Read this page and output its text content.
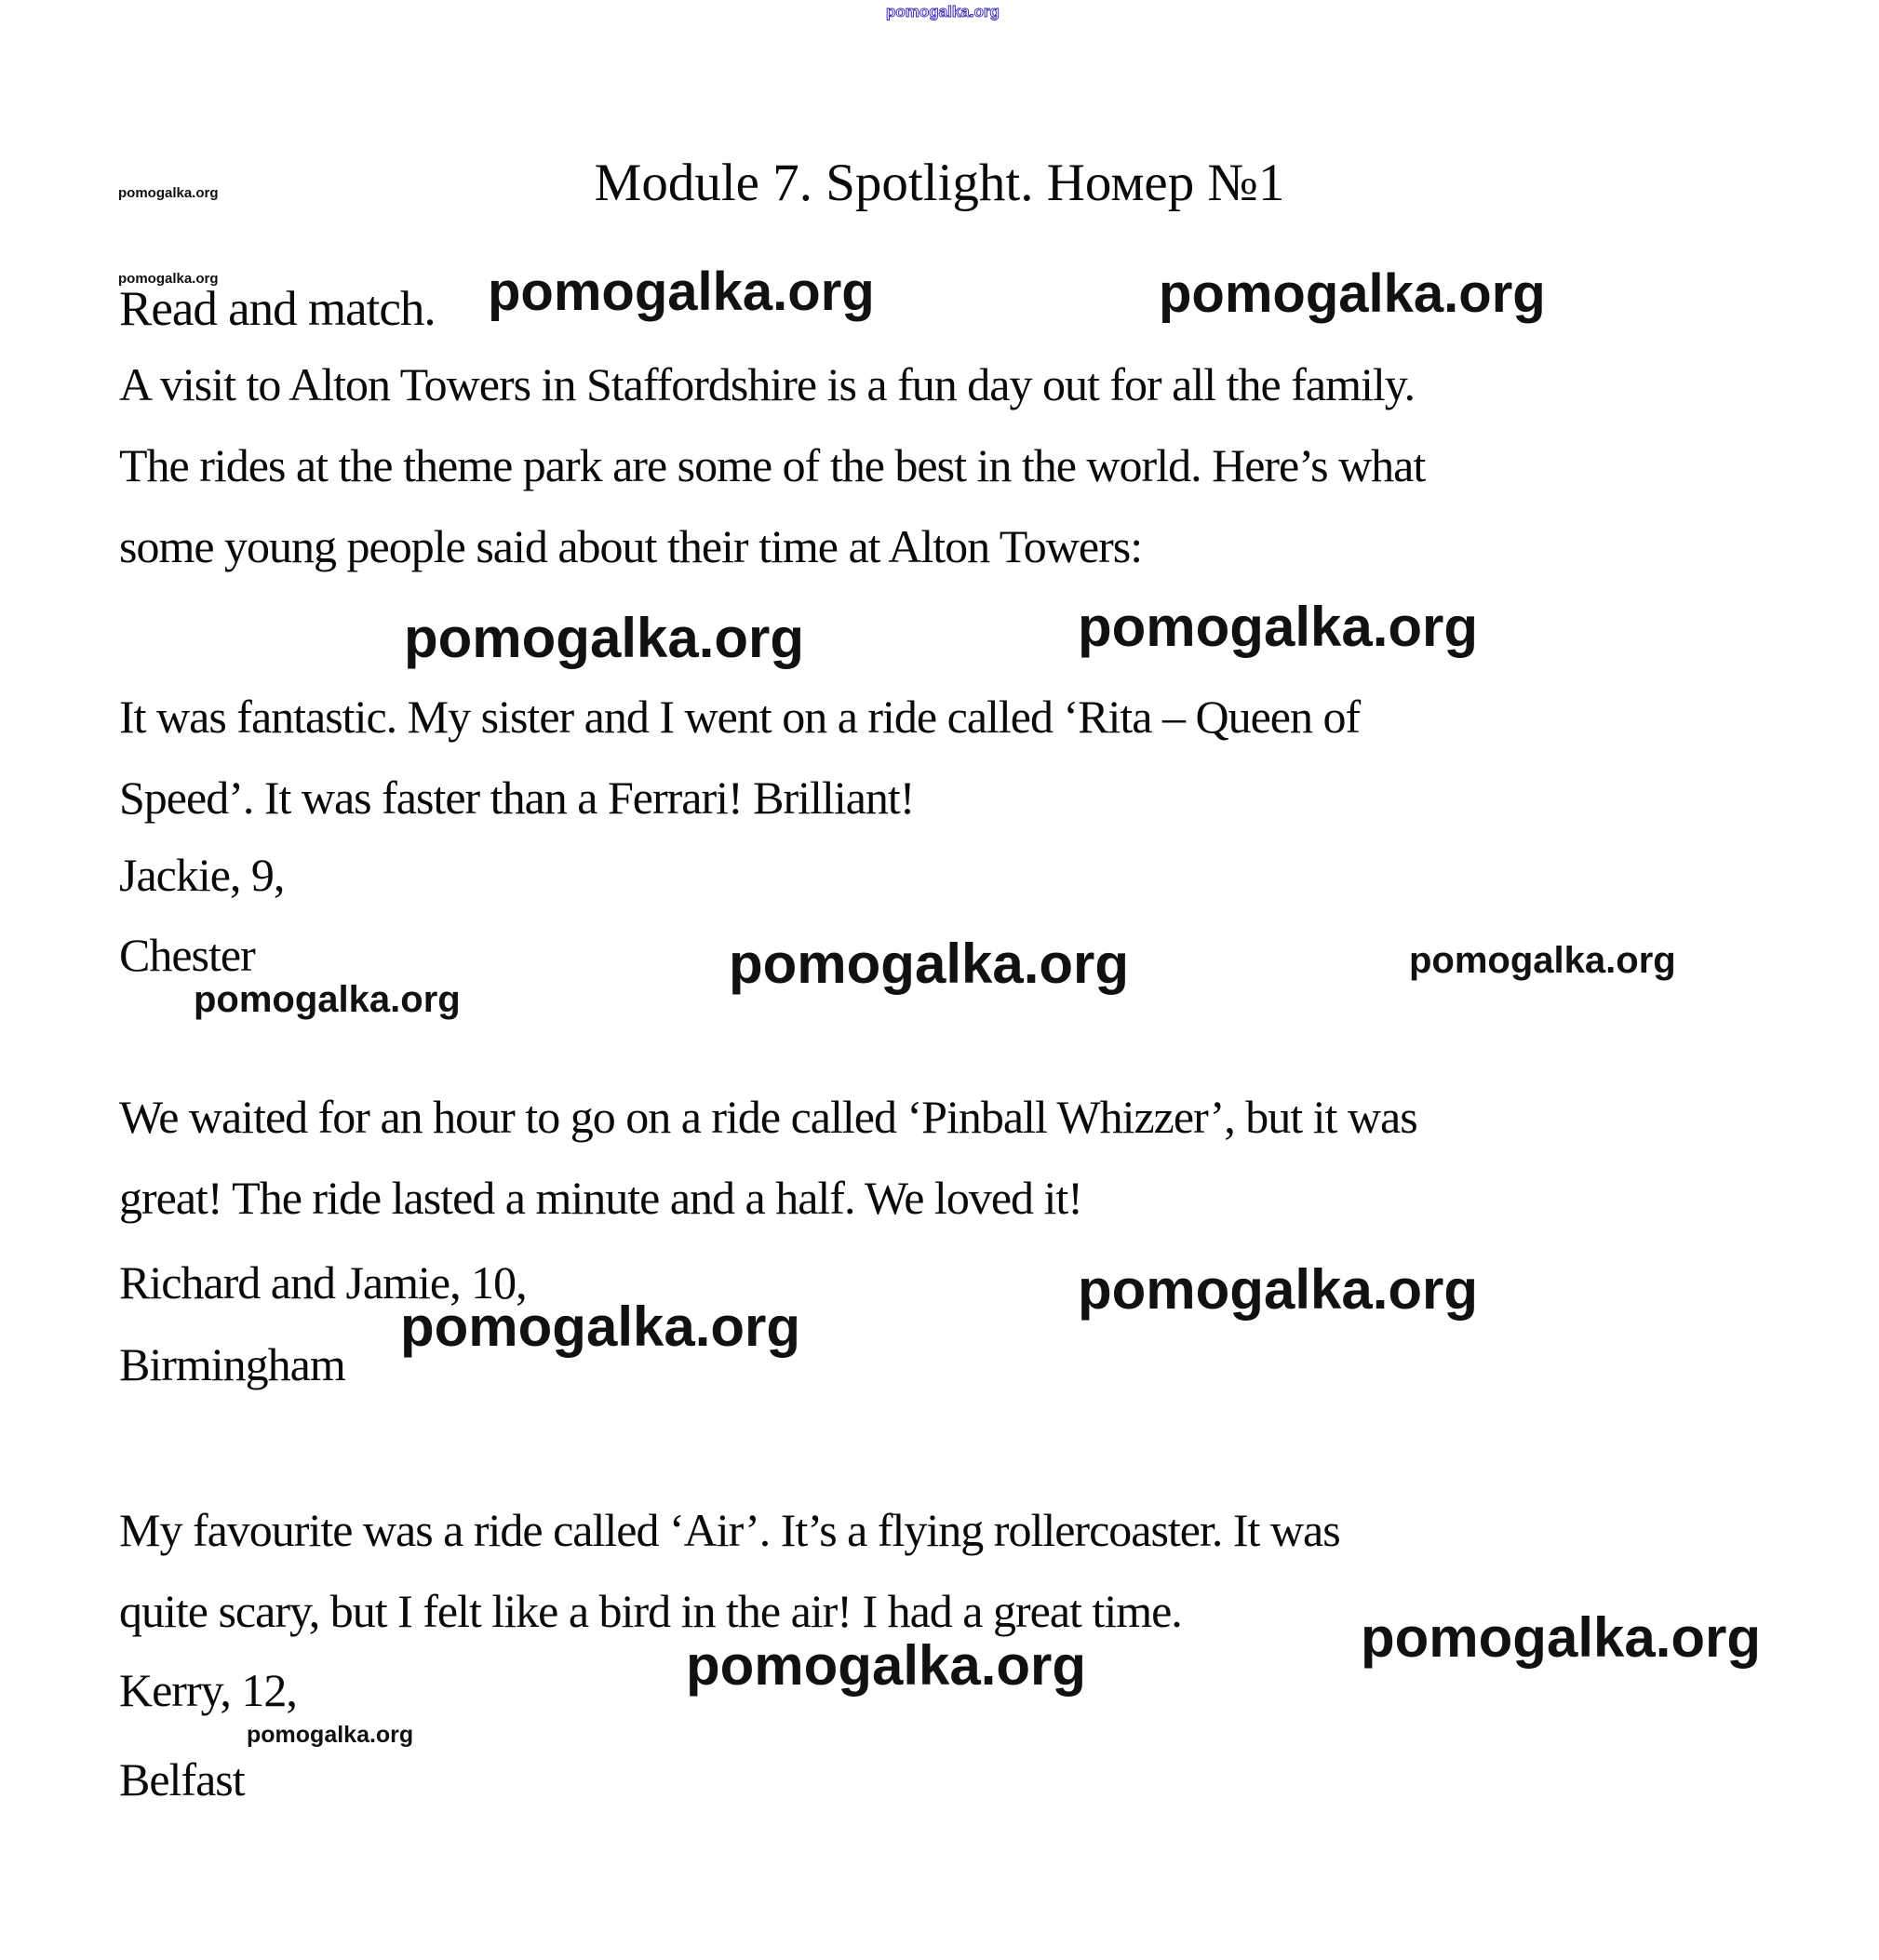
pomogalka.org
pomogalka.org	Module 7. Spotlight. Номер №1
pomogalka.org
Read and match. pomogalka.org	pomogalka.org
A visit to Alton Towers in Staffordshire is a fun day out for all the family.
The rides at the theme park are some of the best in the world. Here’s what
some young people said about their time at Alton Towers:
pomogalka.org	pomogalka.org
It was fantastic. My sister and I went on a ride called ‘Rita – Queen of
Speed’. It was faster than a Ferrari! Brilliant!
Jackie, 9,
Chester
pomogalka.org
pomogalka.org	pomogalka.org
We waited for an hour to go on a ride called ‘Pinball Whizzer’, but it was
great! The ride lasted a minute and a half. We loved it!
Richard and Jamie, 10,
Birmingham
pomogalka.org
pomogalka.org
My favourite was a ride called ‘Air’. It’s a flying rollercoaster. It was
quite scary, but I felt like a bird in the air! I had a great time.
Kerry, 12,	pomogalka.org	pomogalka.org
pomogalka.org
Belfast
